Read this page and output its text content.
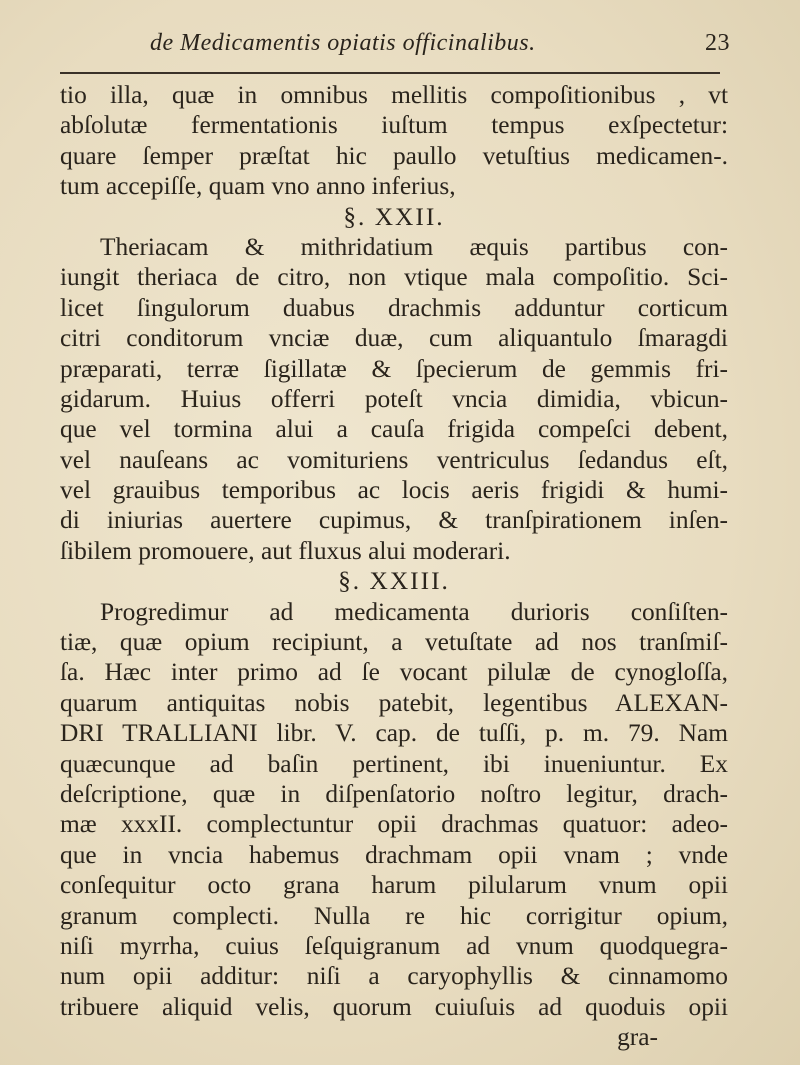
de Medicamentis opiatis officinalibus.	23
tio illa, quæ in omnibus mellitis compoſitionibus , vt
abſolutæ fermentationis iuſtum tempus exſpectetur:
quare ſemper præſtat hic paullo vetuſtius medicamen-.
tum accepiſſe, quam vno anno inferius,
§. XXII.
Theriacam & mithridatium æquis partibus con-
iungit theriaca de citro, non vtique mala compoſitio. Sci-
licet ſingulorum duabus drachmis adduntur corticum
citri conditorum vnciæ duæ, cum aliquantulo ſmaragdi
præparati, terræ ſigillatæ & ſpecierum de gemmis fri-
gidarum. Huius offerri poteſt vncia dimidia, vbicun-
que vel tormina alui a cauſa frigida compeſci debent,
vel nauſeans ac vomituriens ventriculus ſedandus eſt,
vel grauibus temporibus ac locis aeris frigidi & humi-
di iniurias auertere cupimus, & tranſpirationem inſen-
ſibilem promouere, aut fluxus alui moderari.
§. XXIII.
Progredimur ad medicamenta durioris conſiſten-
tiæ, quæ opium recipiunt, a vetuſtate ad nos tranſmiſ-
ſa. Hæc inter primo ad ſe vocant pilulæ de cynogloſſa,
quarum antiquitas nobis patebit, legentibus ALEXAN-
DRI TRALLIANI libr. V. cap. de tuſſi, p. m. 79. Nam
quæcunque ad baſin pertinent, ibi inueniuntur. Ex
deſcriptione, quæ in diſpenſatorio noſtro legitur, drach-
mæ xxxII. complectuntur opii drachmas quatuor: adeo-
que in vncia habemus drachmam opii vnam ; vnde
conſequitur octo grana harum pilularum vnum opii
granum complecti. Nulla re hic corrigitur opium,
niſi myrrha, cuius ſeſquigranum ad vnum quodquegra-
num opii additur: niſi a caryophyllis & cinnamomo
tribuere aliquid velis, quorum cuiuſuis ad quoduis opii
gra-
